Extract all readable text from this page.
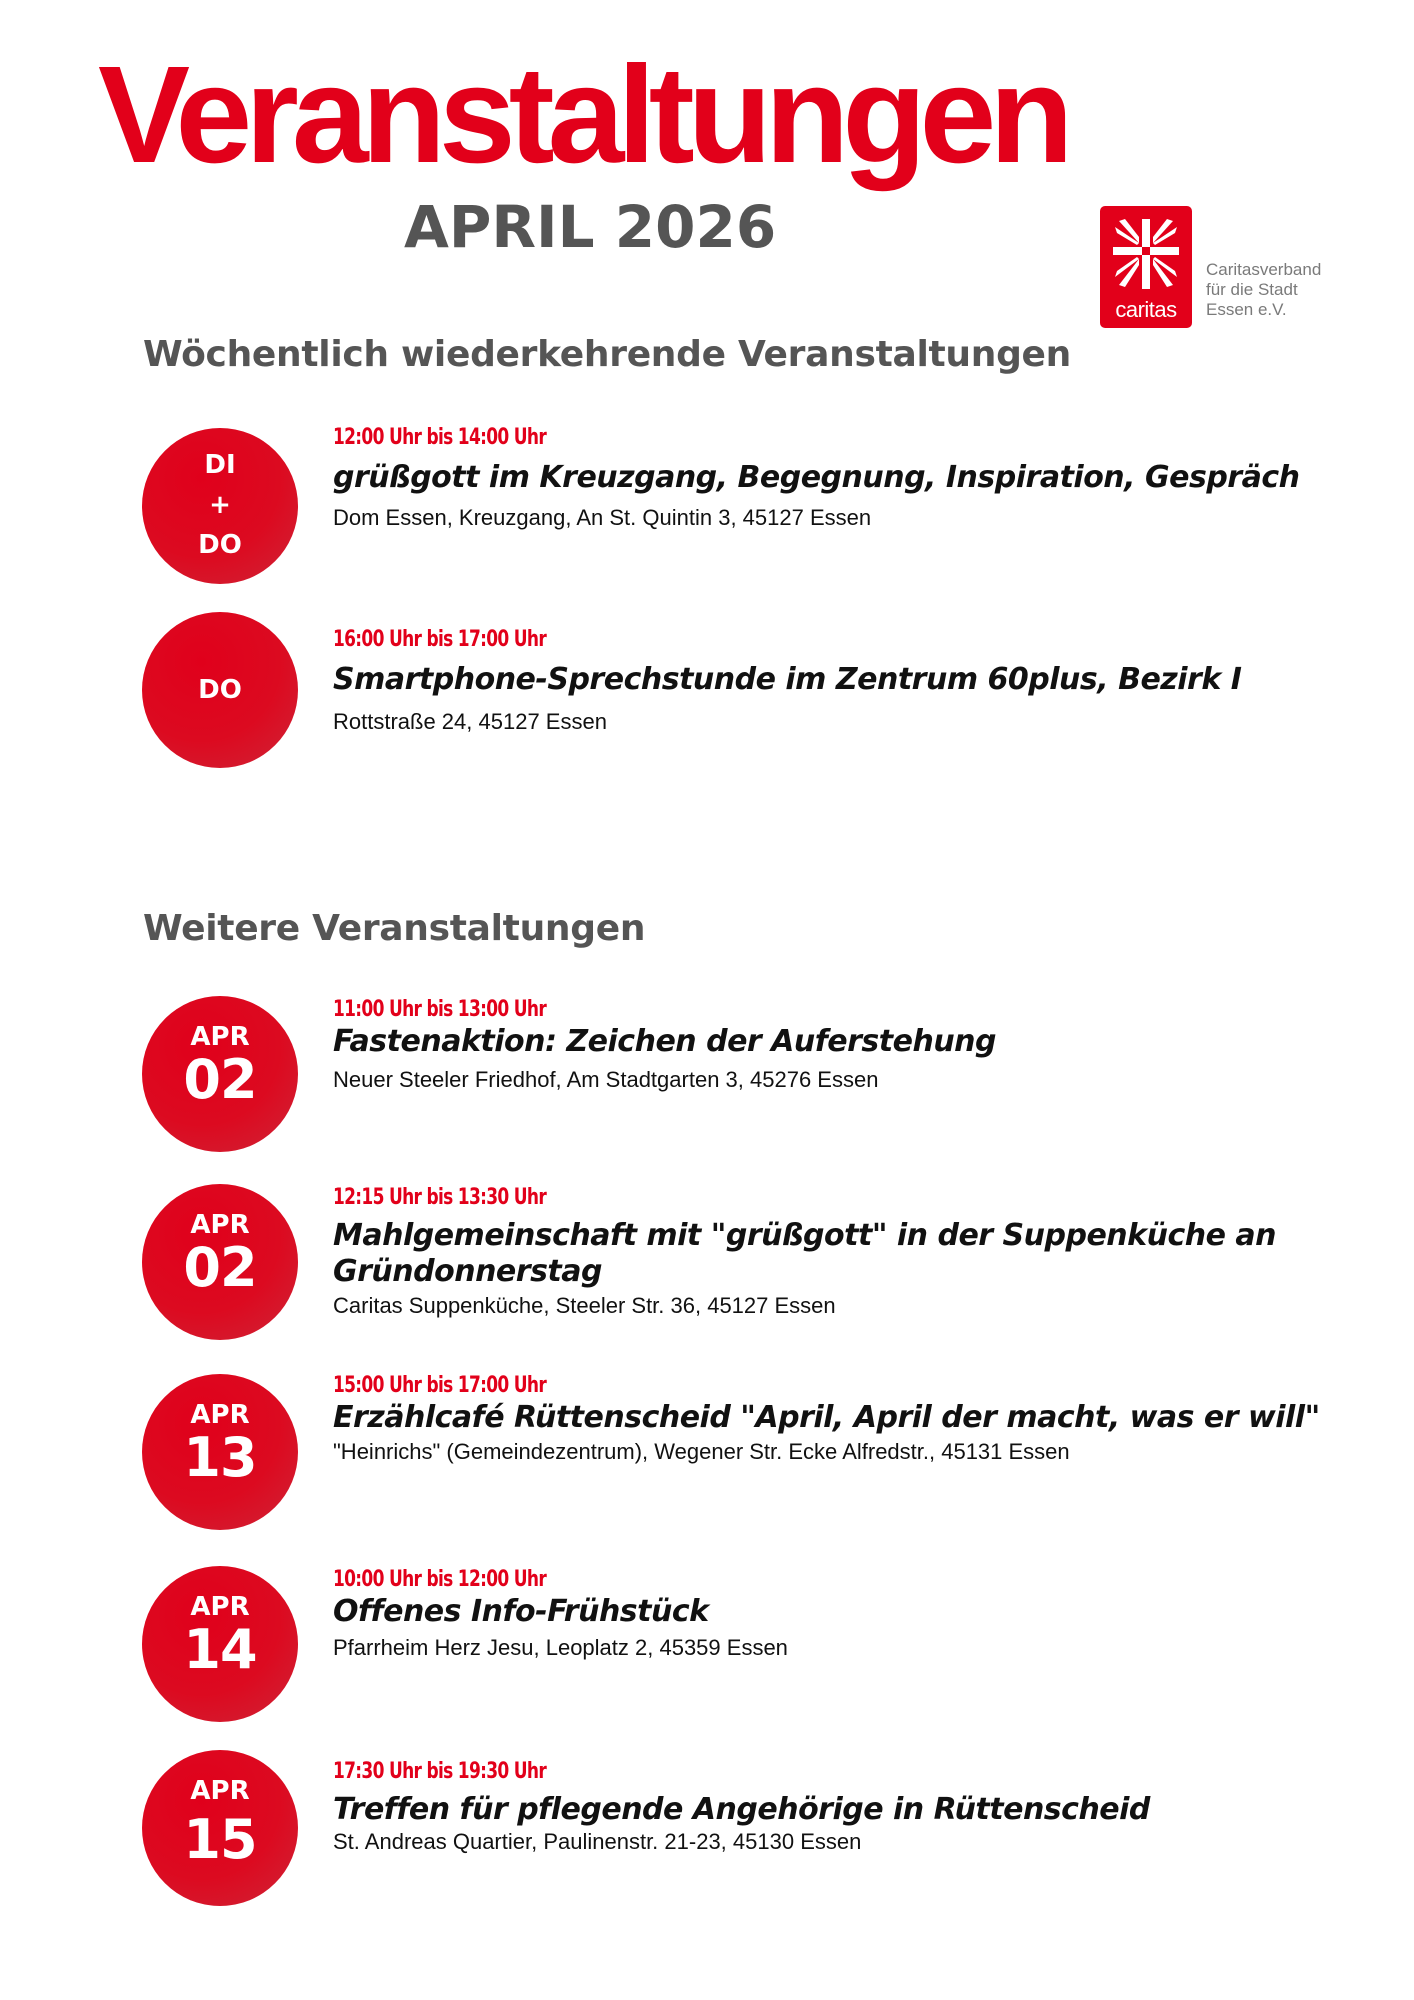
Veranstaltungen
APRIL 2026
caritas
Caritasverband
für die Stadt
Essen e.V.
Wöchentlich wiederkehrende Veranstaltungen
DI
+
DO
12:00 Uhr bis 14:00 Uhr
grüßgott im Kreuzgang, Begegnung, Inspiration, Gespräch
Dom Essen, Kreuzgang, An St. Quintin 3, 45127 Essen
DO
16:00 Uhr bis 17:00 Uhr
Smartphone-Sprechstunde im Zentrum 60plus, Bezirk I
Rottstraße 24, 45127 Essen
Weitere Veranstaltungen
APR
02
11:00 Uhr bis 13:00 Uhr
Fastenaktion: Zeichen der Auferstehung
Neuer Steeler Friedhof, Am Stadtgarten 3, 45276 Essen
APR
02
12:15 Uhr bis 13:30 Uhr
Mahlgemeinschaft mit "grüßgott" in der Suppenküche an Gründonnerstag
Caritas Suppenküche, Steeler Str. 36, 45127 Essen
APR
13
15:00 Uhr bis 17:00 Uhr
Erzählcafé Rüttenscheid "April, April der macht, was er will"
"Heinrichs" (Gemeindezentrum), Wegener Str. Ecke Alfredstr., 45131 Essen
APR
14
10:00 Uhr bis 12:00 Uhr
Offenes Info-Frühstück
Pfarrheim Herz Jesu, Leoplatz 2, 45359 Essen
APR
15
17:30 Uhr bis 19:30 Uhr
Treffen für pflegende Angehörige in Rüttenscheid
St. Andreas Quartier, Paulinenstr. 21-23, 45130 Essen
